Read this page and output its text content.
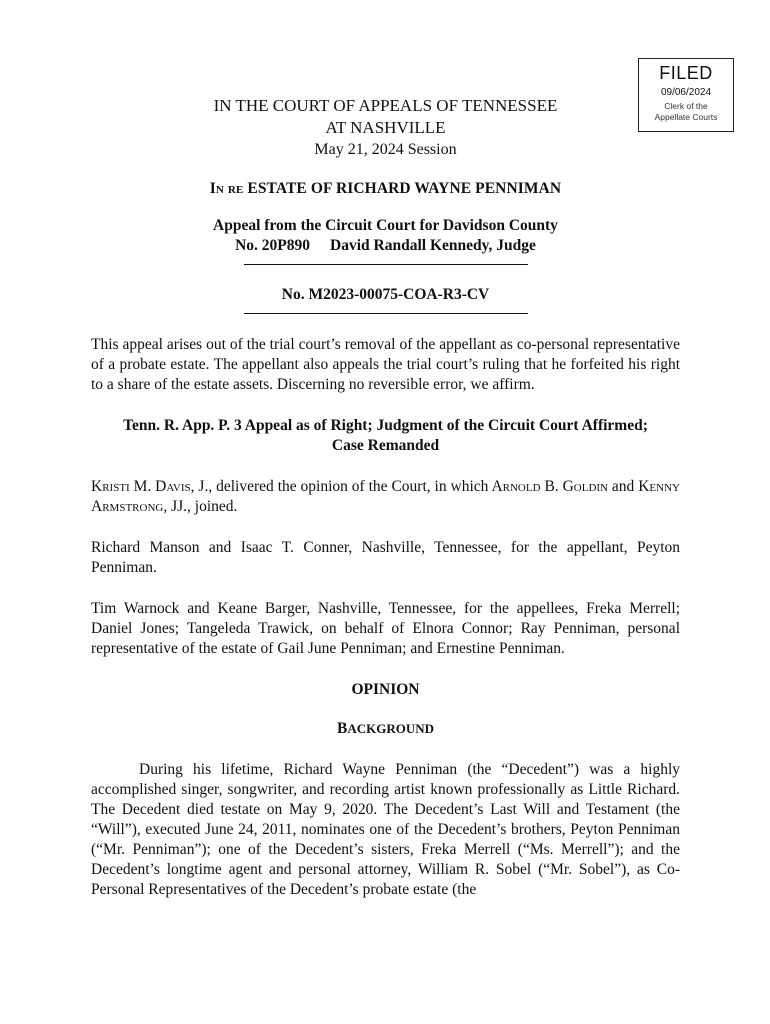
FILED
09/06/2024
Clerk of the
Appellate Courts
IN THE COURT OF APPEALS OF TENNESSEE
AT NASHVILLE
May 21, 2024 Session
In re ESTATE OF RICHARD WAYNE PENNIMAN
Appeal from the Circuit Court for Davidson County
No. 20P890 David Randall Kennedy, Judge
No. M2023-00075-COA-R3-CV
This appeal arises out of the trial court’s removal of the appellant as co-personal representative of a probate estate. The appellant also appeals the trial court’s ruling that he forfeited his right to a share of the estate assets. Discerning no reversible error, we affirm.
Tenn. R. App. P. 3 Appeal as of Right; Judgment of the Circuit Court Affirmed;
Case Remanded
Kristi M. Davis, J., delivered the opinion of the Court, in which Arnold B. Goldin and Kenny Armstrong, JJ., joined.
Richard Manson and Isaac T. Conner, Nashville, Tennessee, for the appellant, Peyton Penniman.
Tim Warnock and Keane Barger, Nashville, Tennessee, for the appellees, Freka Merrell; Daniel Jones; Tangeleda Trawick, on behalf of Elnora Connor; Ray Penniman, personal representative of the estate of Gail June Penniman; and Ernestine Penniman.
OPINION
BACKGROUND
During his lifetime, Richard Wayne Penniman (the “Decedent”) was a highly accomplished singer, songwriter, and recording artist known professionally as Little Richard. The Decedent died testate on May 9, 2020. The Decedent’s Last Will and Testament (the “Will”), executed June 24, 2011, nominates one of the Decedent’s brothers, Peyton Penniman (“Mr. Penniman”); one of the Decedent’s sisters, Freka Merrell (“Ms. Merrell”); and the Decedent’s longtime agent and personal attorney, William R. Sobel (“Mr. Sobel”), as Co-Personal Representatives of the Decedent’s probate estate (the
